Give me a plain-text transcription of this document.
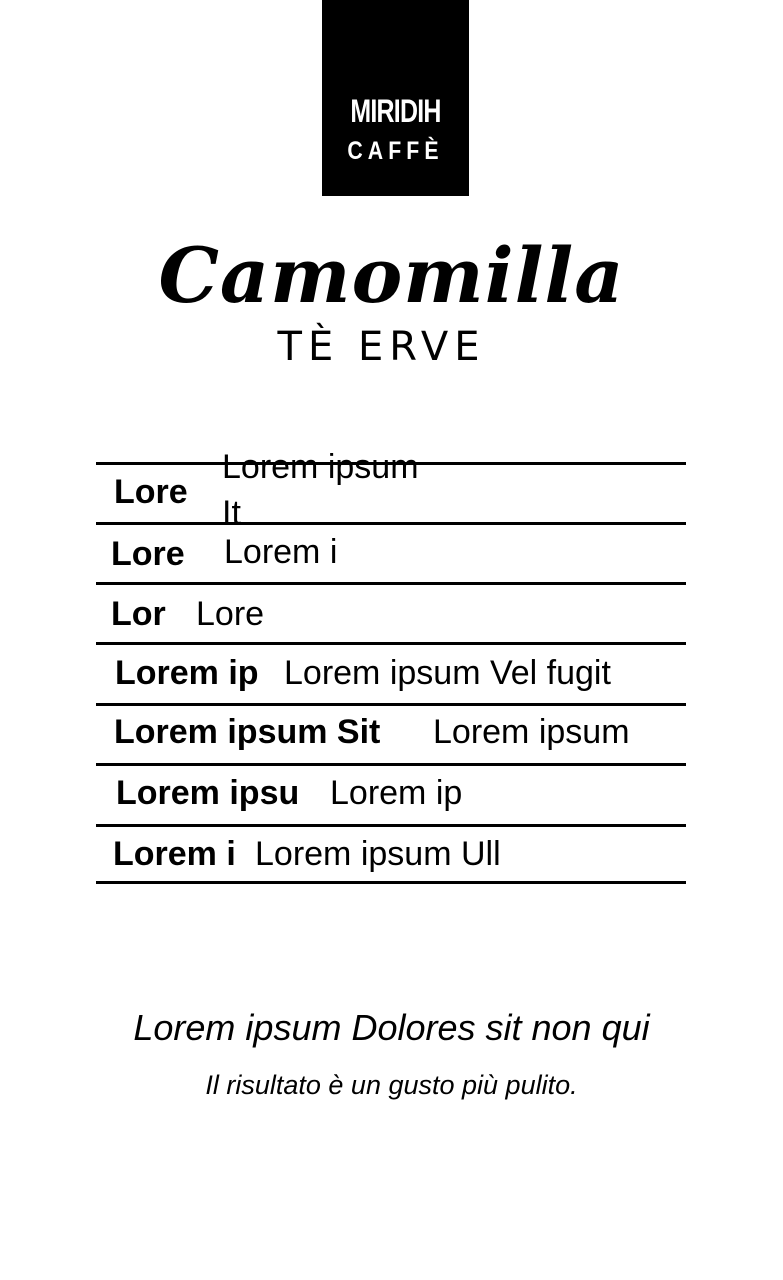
MIRIDIH
CAFFÈ
Camomilla
TÈ ERVE
Lore
Lorem ipsum It
Lore Lorem i
Lor Lore
Lorem ip Lorem ipsum Vel fugit
Lorem ipsum Sit Lorem ipsum
Lorem ipsu Lorem ip
Lorem i Lorem ipsum Ull
Lorem ipsum Dolores sit non qui
Il risultato è un gusto più pulito.
